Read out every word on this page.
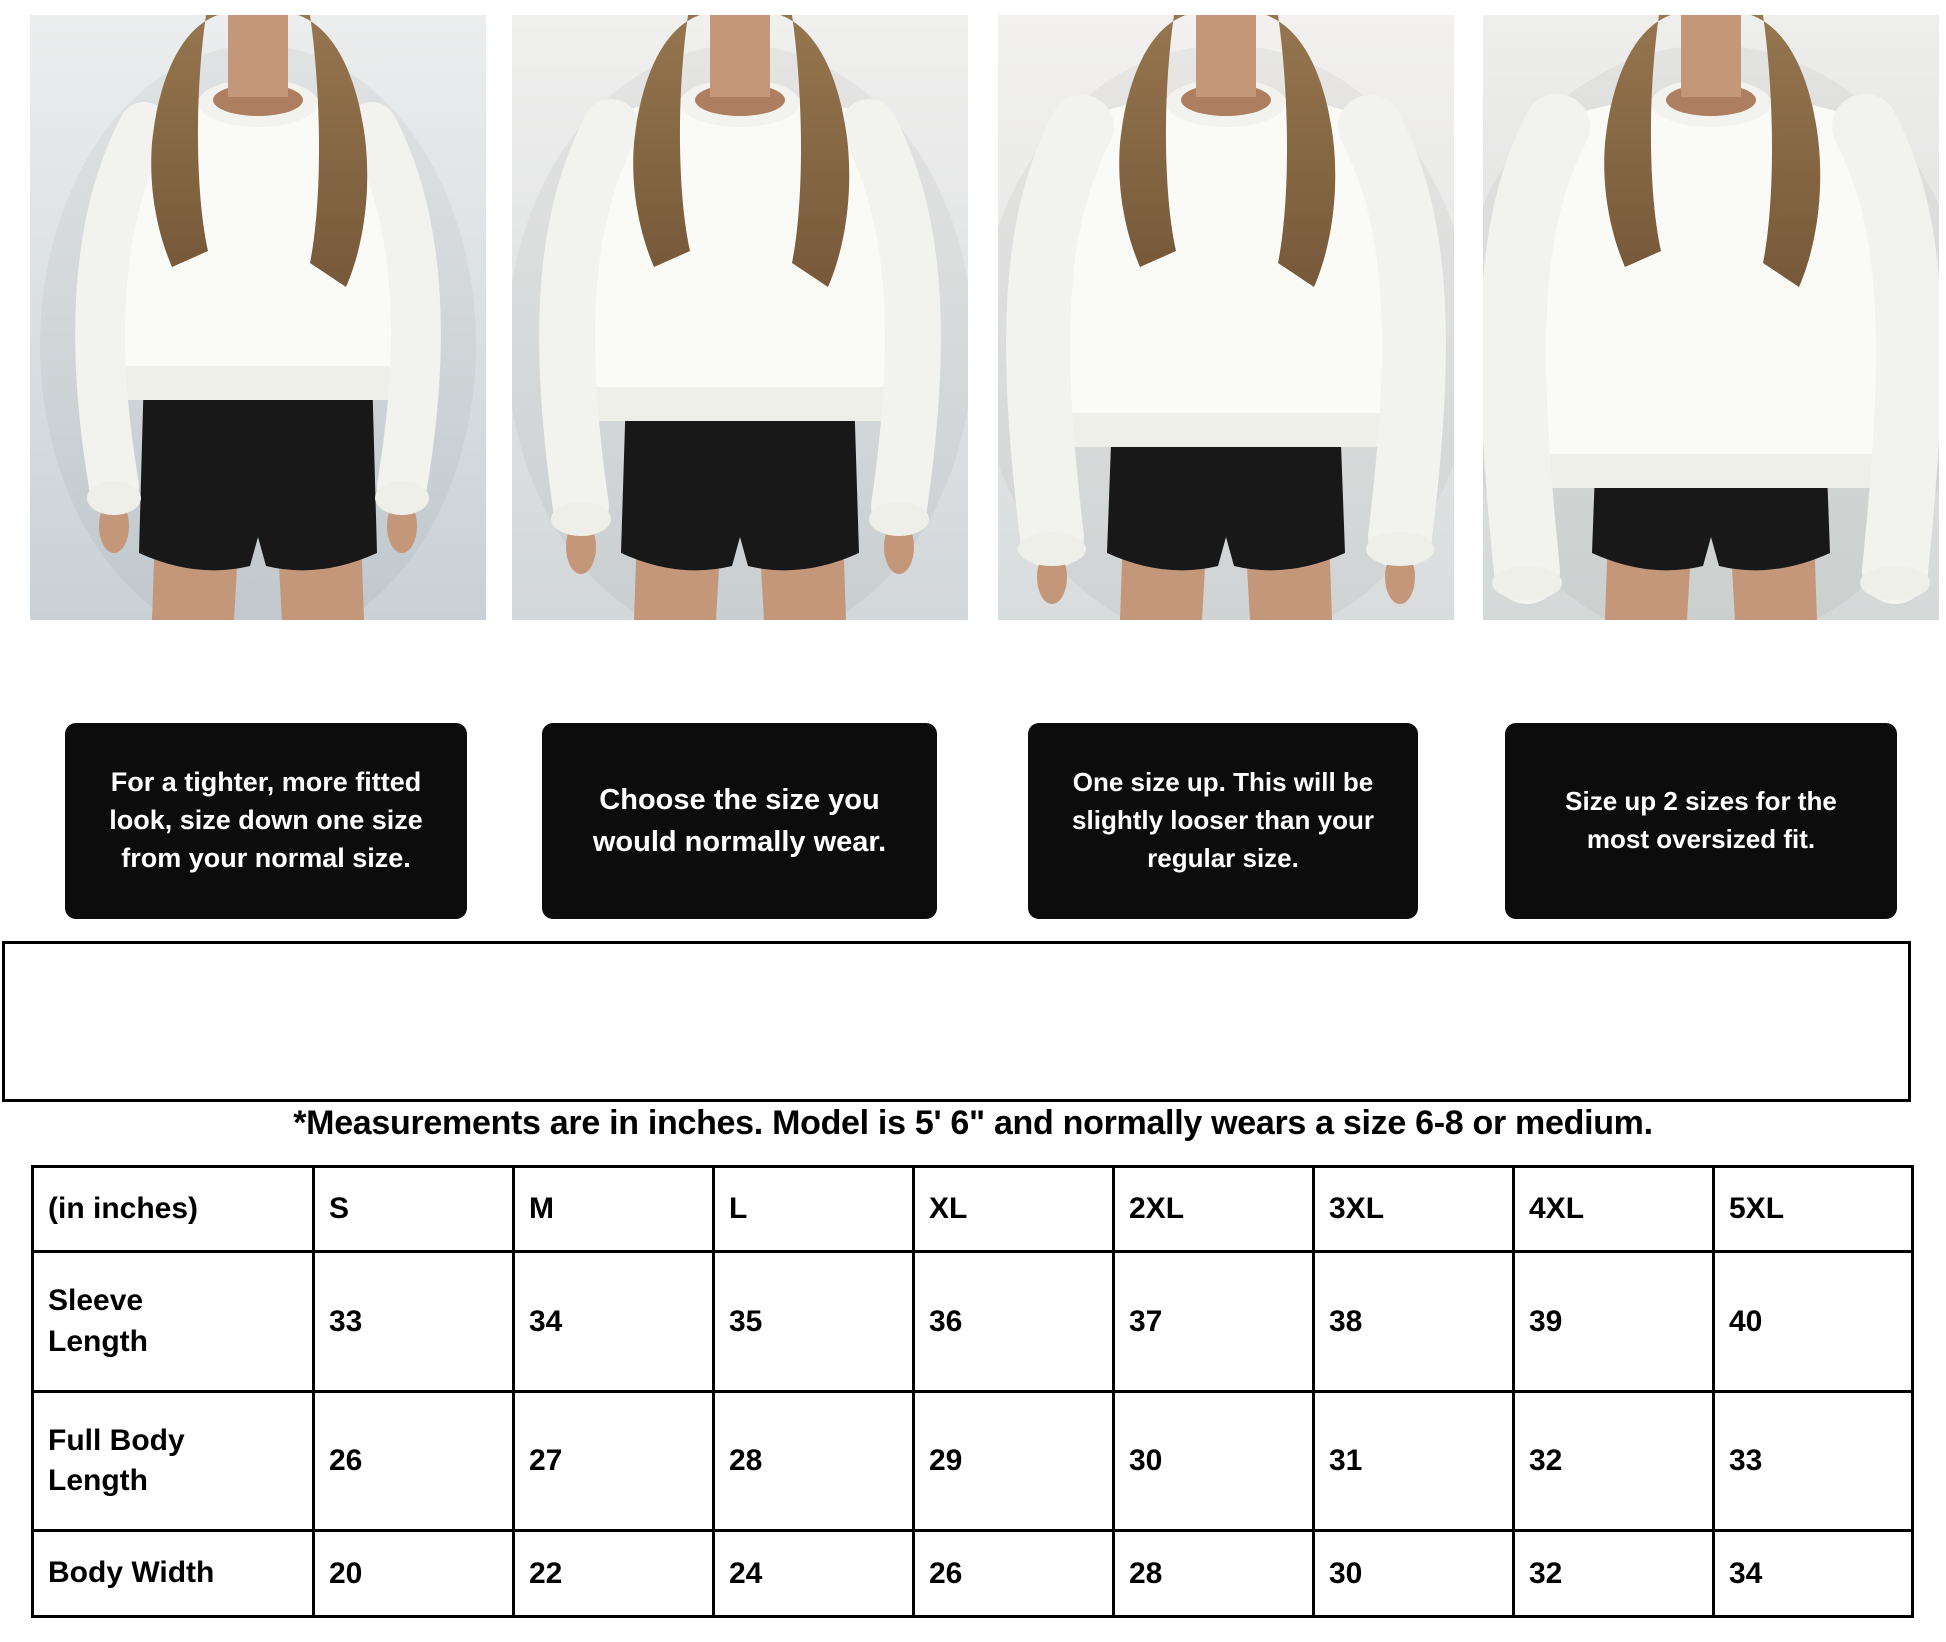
For a tighter, more fitted look, size down one size from your normal size.

Choose the size you would normally wear.

One size up. This will be slightly looser than your regular size.

Size up 2 sizes for the most oversized fit.

*Measurements are in inches. Model is 5' 6" and normally wears a size 6-8 or medium.
(in inches)	S	M	L	XL	2XL	3XL	4XL	5XL
Sleeve Length	33	34	35	36	37	38	39	40
Full Body Length	26	27	28	29	30	31	32	33
Body Width	20	22	24	26	28	30	32	34
